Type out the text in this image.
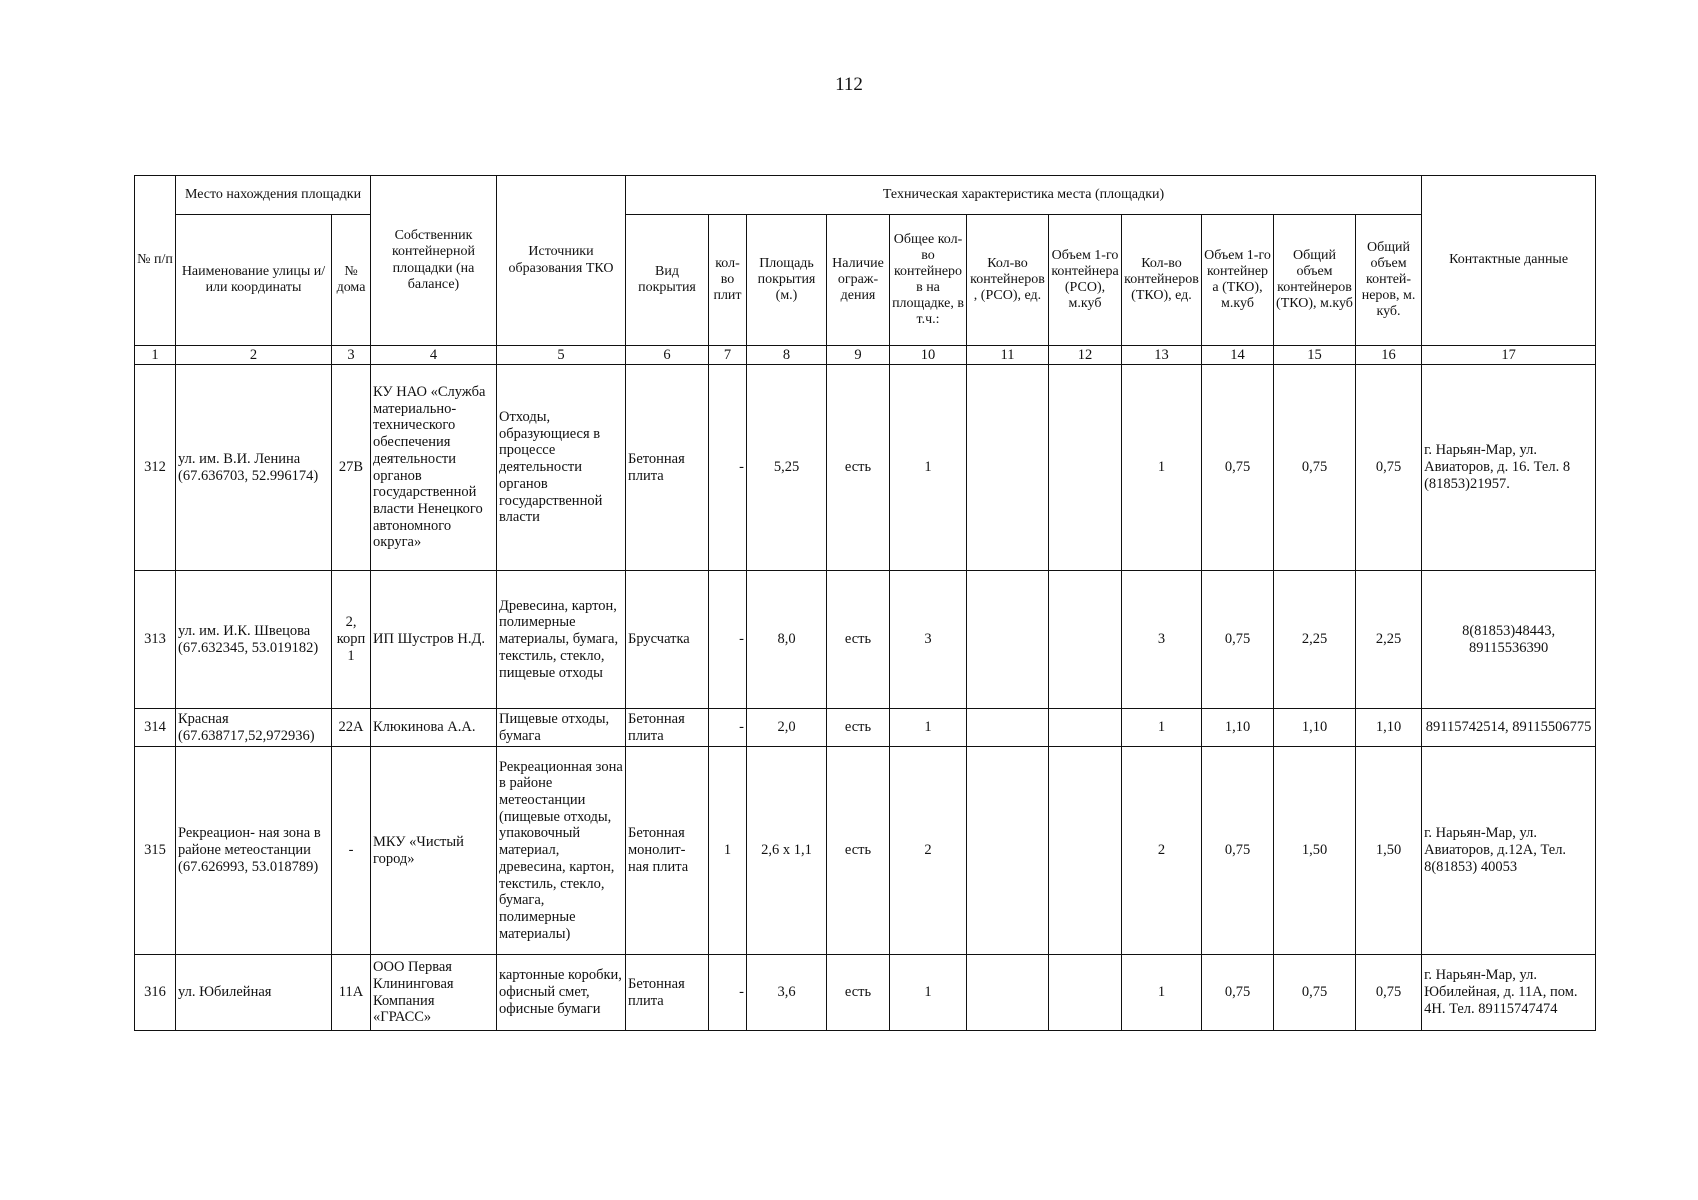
112
№ п/п	Место нахождения площадки		Собственник контейнерной площадки (на балансе)	Источники образования ТКО	Техническая характеристика места (площадки)											Контактные данные
	Наименование улицы и/или координаты	№ дома			Вид покрытия	кол-во плит	Площадь покрытия (м.)	Наличие ограж-дения	Общее кол-во контейнеров на площадке, в т.ч.:	Кол-во контейнеров, (РСО), ед.	Объем 1-го контейнера (РСО), м.куб	Кол-во контейнеров (ТКО), ед.	Объем 1-го контейнера (ТКО), м.куб	Общий объем контейнеров (ТКО), м.куб	Общий объем контей-неров, м. куб.	
1	2	3	4	5	6	7	8	9	10	11	12	13	14	15	16	17
312	ул. им. В.И. Ленина (67.636703, 52.996174)	27В	КУ НАО «Служба материально-технического обеспечения деятельности органов государственной власти Ненецкого автономного округа»	Отходы, образующиеся в процессе деятельности органов государственной власти	Бетонная плита	-	5,25	есть	1			1	0,75	0,75	0,75	г. Нарьян-Мар, ул. Авиаторов, д. 16. Тел. 8 (81853)21957.
313	ул. им. И.К. Швецова (67.632345, 53.019182)	2, корп 1	ИП Шустров Н.Д.	Древесина, картон, полимерные материалы, бумага, текстиль, стекло, пищевые отходы	Брусчатка	-	8,0	есть	3			3	0,75	2,25	2,25	8(81853)48443, 89115536390
314	Красная (67.638717,52,972936)	22А	Клюкинова А.А.	Пищевые отходы, бумага	Бетонная плита	-	2,0	есть	1			1	1,10	1,10	1,10	89115742514, 89115506775
315	Рекреацион- ная зона в районе метеостанции (67.626993, 53.018789)	-	МКУ «Чистый город»	Рекреационная зона в районе метеостанции (пищевые отходы, упаковочный материал, древесина, картон, текстиль, стекло, бумага, полимерные материалы)	Бетонная монолит-ная плита	1	2,6 х 1,1	есть	2			2	0,75	1,50	1,50	г. Нарьян-Мар, ул. Авиаторов, д.12А, Тел. 8(81853) 40053
316	ул. Юбилейная	11А	ООО Первая Клининговая Компания «ГРАСС»	картонные коробки, офисный смет, офисные бумаги	Бетонная плита	-	3,6	есть	1			1	0,75	0,75	0,75	г. Нарьян-Мар, ул. Юбилейная, д. 11А, пом. 4Н. Тел. 89115747474
